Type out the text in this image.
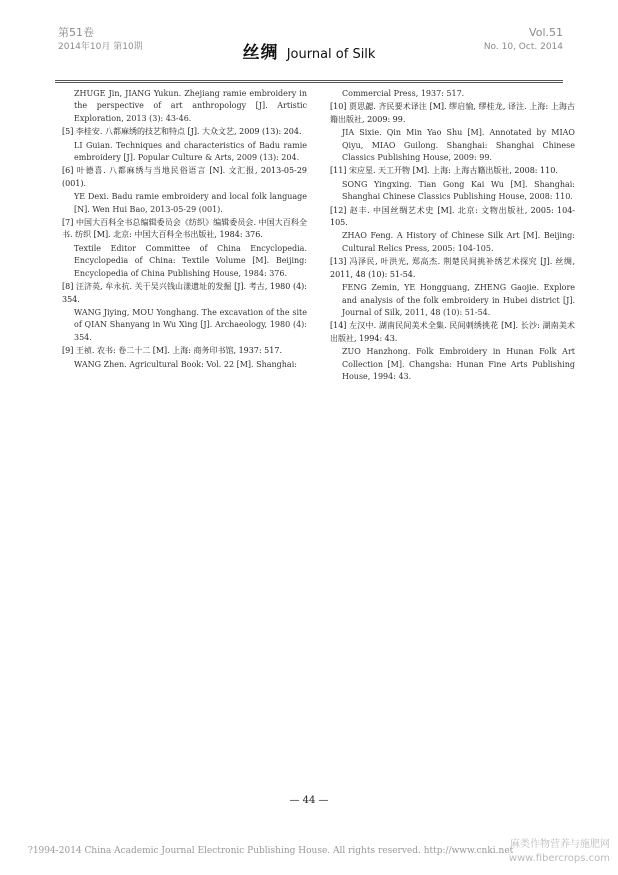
第51卷
2014年10月 第10期	丝绸 Journal of Silk
Vol.51
No. 10, Oct. 2014

ZHUGE Jin, JIANG Yukun. Zhejiang ramie embroidery in the perspective of art anthropology [J]. Artistic Exploration, 2013 (3): 43-46.

[5] 李桂安. 八都麻绣的技艺和特点 [J]. 大众文艺, 2009 (13): 204.

LI Guian. Techniques and characteristics of Badu ramie embroidery [J]. Popular Culture & Arts, 2009 (13): 204.

[6] 叶德喜. 八都麻绣与当地民俗语言 [N]. 文汇报, 2013-05-29 (001).

YE Dexi. Badu ramie embroidery and local folk language [N]. Wen Hui Bao, 2013-05-29 (001).

[7] 中国大百科全书总编辑委员会《纺织》编辑委员会. 中国大百科全书. 纺织 [M]. 北京: 中国大百科全书出版社, 1984: 376.

Textile Editor Committee of China Encyclopedia. Encyclopedia of China: Textile Volume [M]. Beijing: Encyclopedia of China Publishing House, 1984: 376.

[8] 汪济英, 牟永抗. 关于吴兴钱山漾遗址的发掘 [J]. 考古, 1980 (4): 354.

WANG Jiying, MOU Yonghang. The excavation of the site of QIAN Shanyang in Wu Xing [J]. Archaeology, 1980 (4): 354.

[9] 王祯. 农书: 卷二十二 [M]. 上海: 商务印书馆, 1937: 517.

WANG Zhen. Agricultural Book: Vol. 22 [M]. Shanghai:

Commercial Press, 1937: 517.

[10] 贾思勰. 齐民要术译注 [M]. 缪启愉, 缪桂龙, 译注. 上海: 上海古籍出版社, 2009: 99.

JIA Sixie. Qin Min Yao Shu [M]. Annotated by MIAO Qiyu, MIAO Guilong. Shanghai: Shanghai Chinese Classics Publishing House, 2009: 99.

[11] 宋应星. 天工开物 [M]. 上海: 上海古籍出版社, 2008: 110.

SONG Yingxing. Tian Gong Kai Wu [M]. Shanghai: Shanghai Chinese Classics Publishing House, 2008: 110.

[12] 赵丰. 中国丝绸艺术史 [M]. 北京: 文物出版社, 2005: 104-105.

ZHAO Feng. A History of Chinese Silk Art [M]. Beijing: Cultural Relics Press, 2005: 104-105.

[13] 冯泽民, 叶洪光, 郑高杰. 荆楚民间挑补绣艺术探究 [J]. 丝绸, 2011, 48 (10): 51-54.

FENG Zemin, YE Hongguang, ZHENG Gaojie. Explore and analysis of the folk embroidery in Hubei district [J]. Journal of Silk, 2011, 48 (10): 51-54.

[14] 左汉中. 湖南民间美术全集. 民间刺绣挑花 [M]. 长沙: 湖南美术出版社, 1994: 43.

ZUO Hanzhong. Folk Embroidery in Hunan Folk Art Collection [M]. Changsha: Hunan Fine Arts Publishing House, 1994: 43.

— 44 —
?1994-2014 China Academic Journal Electronic Publishing House. All rights reserved. http://www.cnki.net
麻类作物营养与施肥网
www.fibercrops.com
